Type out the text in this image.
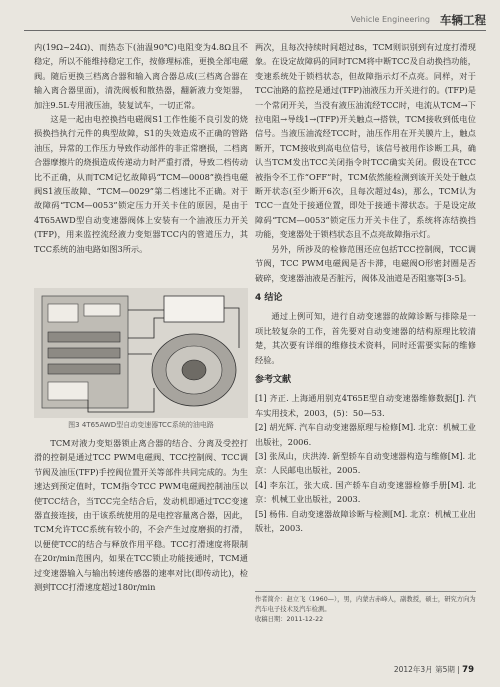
Vehicle Engineering 车辆工程

内(19Ω~24Ω)、而热态下(油温90℃)电阻变为4.8Ω且不稳定，所以不能维持稳定工作，按修理标准，更换全部电磁阀。随后更换三档离合器和输入离合器总成(三档离合器在输入离合器里面)，清洗阀板和散热器，翻新液力变矩器，加注9.5L专用液压油，装复试车，一切正常。

这是一起由电控换挡电磁阀S1工作性能不良引发的烧损换挡执行元件的典型故障，S1的失效造成不正确的管路油压，异常的工作压力导致作动部件的非正常磨损，二档离合器摩擦片的烧损造成传递动力时严重打滑，导致二档传动比不正确，从而TCM记忆故障码“TCM—0008”换挡电磁阀S1液压故障、“TCM—0029”第二档速比不正确。对于故障码“TCM—0053”锁定压力开关卡住的原因，是由于4T65AWD型自动变速器阀体上安装有一个油液压力开关(TFP)，用来监控流经液力变矩器TCC内的管道压力，其TCC系统的油电路如图3所示。

图3 4T65AWD型自动变速器TCC系统的油电路

TCM对液力变矩器锁止离合器的结合、分离及受控打滑的控制是通过TCC PWM电磁阀、TCC控制阀、TCC调节阀及油压(TFP)手控阀位置开关等部件共同完成的。为生速达到预定值时，TCM指令TCC PWM电磁阀控制油压以使TCC结合，当TCC完全结合后，发动机即通过TCC变速器直接连接，由于该系统使用的是电控容量离合器，因此，TCM允许TCC系统有较小的，不会产生过度磨损的打滑，以便使TCC的结合与释放作用平稳。TCC打滑速度将限制在20r/min范围内，如果在TCC锁止功能接通时，TCM通过变速器输入与输出转速传感器的速率对比(即传动比)，检测到TCC打滑速度超过180r/min

两次，且每次持续时间超过8s，TCM则识别到有过度打滑现象。在设定故障码的同时TCM将中断TCC及自动换挡功能，变速系统处于锁档状态，但故障指示灯不点亮。同样，对于TCC油路的监控是通过(TFP)油液压力开关进行的。(TFP)是一个常闭开关，当没有液压油流经TCC时，电流从TCM→下拉电阻→导线1→(TFP)开关触点→搭铁，TCM接收到低电位信号。当液压油流经TCC时，油压作用在开关膜片上，触点断开，TCM接收到高电位信号，该信号被用作诊断工具，确认当TCM发出TCC关闭指令时TCC确实关闭。假设在TCC被指令不工作“OFF”时，TCM依然能检测到该开关处于触点断开状态(至少断开6次，且每次超过4s)，那么，TCM认为TCC一直处于接通位置，即处于接通卡滞状态。于是设定故障码“TCM—0053”锁定压力开关卡住了，系统将冻结换挡功能，变速器处于锁档状态且不点亮故障指示灯。

另外，所涉及的检修范围还应包括TCC控制阀，TCC调节阀，TCC PWM电磁阀是否卡滞，电磁阀O形密封圈是否破碎，变速器油液是否脏污，阀体及油道是否阻塞等[3-5]。

4 结论

通过上例可知，进行自动变速器的故障诊断与排除是一项比较复杂的工作，首先要对自动变速器的结构原理比较清楚，其次要有详细的维修技术资料，同时还需要实际的维修经验。

参考文献
[1] 齐正. 上海通用别克4T65E型自动变速器维修数据[J]. 汽车实用技术，2003，(5)：50—53.
[2] 胡光辉. 汽车自动变速器原理与检修[M]. 北京：机械工业出版社，2006.
[3] 张凤山，庆洪涛. 新型轿车自动变速器构造与维修[M]. 北京：人民邮电出版社，2005.
[4] 李东江，张大成. 国产轿车自动变速器检修手册[M]. 北京：机械工业出版社，2003.
[5] 杨伟. 自动变速器故障诊断与检测[M]. 北京：机械工业出版社，2003.
作者简介：赵立飞（1960—），男，内蒙古赤峰人，副教授，硕士，研究方向为汽车电子技术及汽车检测。
收稿日期：2011-12-22
2012年3月 第5期 | 79
